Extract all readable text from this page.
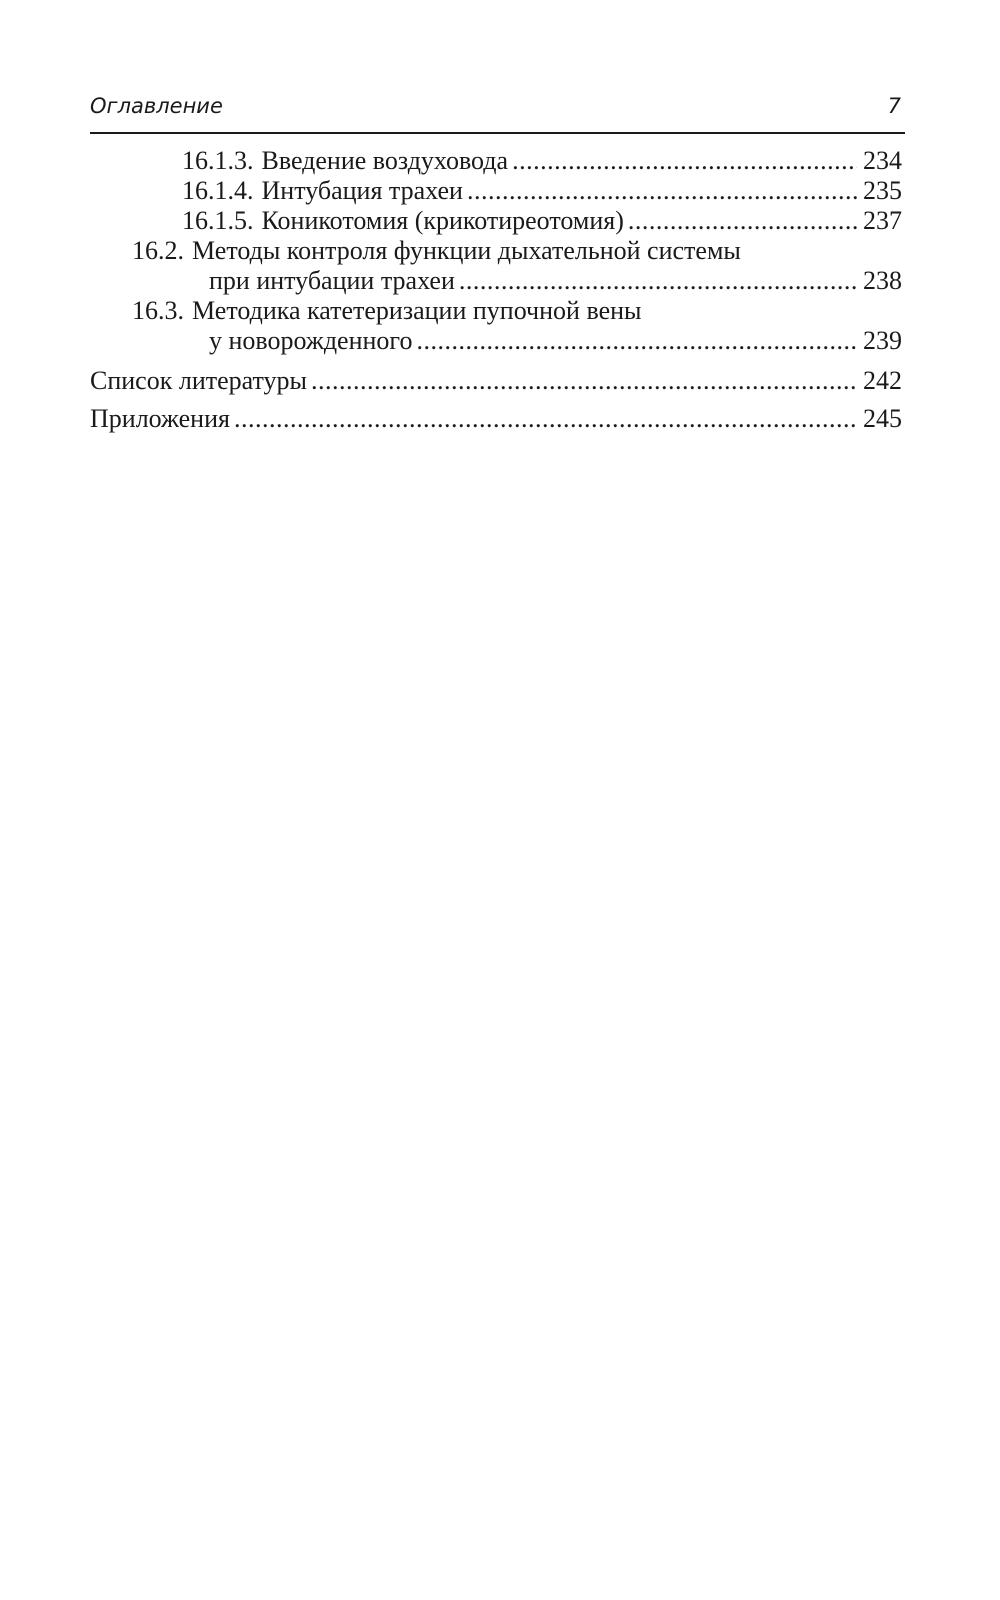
Оглавление	7
16.1.3. Введение воздуховода . . .	234
16.1.4. Интубация трахеи . . .	235
16.1.5. Коникотомия (крикотиреотомия) . . .	237
16.2. Методы контроля функции дыхательной системы
при интубации трахеи . . .	238
16.3. Методика катетеризации пупочной вены
у новорожденного . . .	239
Список литературы . . .	242
Приложения . . .	245
